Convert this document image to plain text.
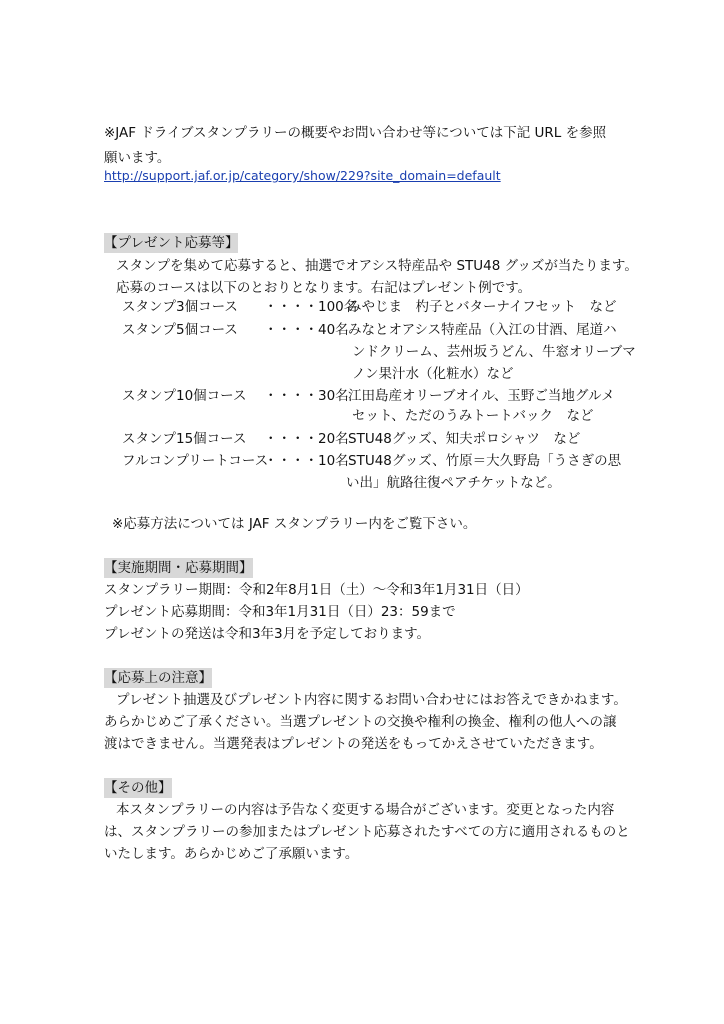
※JAF ドライブスタンプラリーの概要やお問い合わせ等については下記 URL を参照
願います。
http://support.jaf.or.jp/category/show/229?site_domain=default
【プレゼント応募等】
スタンプを集めて応募すると、抽選でオアシス特産品や STU48 グッズが当たります。
応募のコースは以下のとおりとなります。右記はプレゼント例です。
スタンプ3個コース ・・・・100名
みやじま　杓子とバターナイフセット　など
スタンプ5個コース ・・・・40名 みなとオアシス特産品（入江の甘酒、尾道ハ
ンドクリーム、芸州坂うどん、牛窓オリーブマ
ノン果汁水（化粧水）など
スタンプ10個コース ・・・・30名 江田島産オリーブオイル、玉野ご当地グルメ
セット、ただのうみトートバック　など
スタンプ15個コース ・・・・20名 STU48グッズ、知夫ポロシャツ　など
フルコンプリートコース
・・・・10名 STU48グッズ、竹原＝大久野島「うさぎの思
い出」航路往復ペアチケットなど。
※応募方法については JAF スタンプラリー内をご覧下さい。
【実施期間・応募期間】
スタンプラリー期間：令和2年8月1日（土）～令和3年1月31日（日）
プレゼント応募期間：令和3年1月31日（日）23：59まで
プレゼントの発送は令和3年3月を予定しております。
【応募上の注意】
プレゼント抽選及びプレゼント内容に関するお問い合わせにはお答えできかねます。
あらかじめご了承ください。当選プレゼントの交換や権利の換金、権利の他人への譲
渡はできません。当選発表はプレゼントの発送をもってかえさせていただきます。
【その他】
本スタンプラリーの内容は予告なく変更する場合がございます。変更となった内容
は、スタンプラリーの参加またはプレゼント応募されたすべての方に適用されるものと
いたします。あらかじめご了承願います。
